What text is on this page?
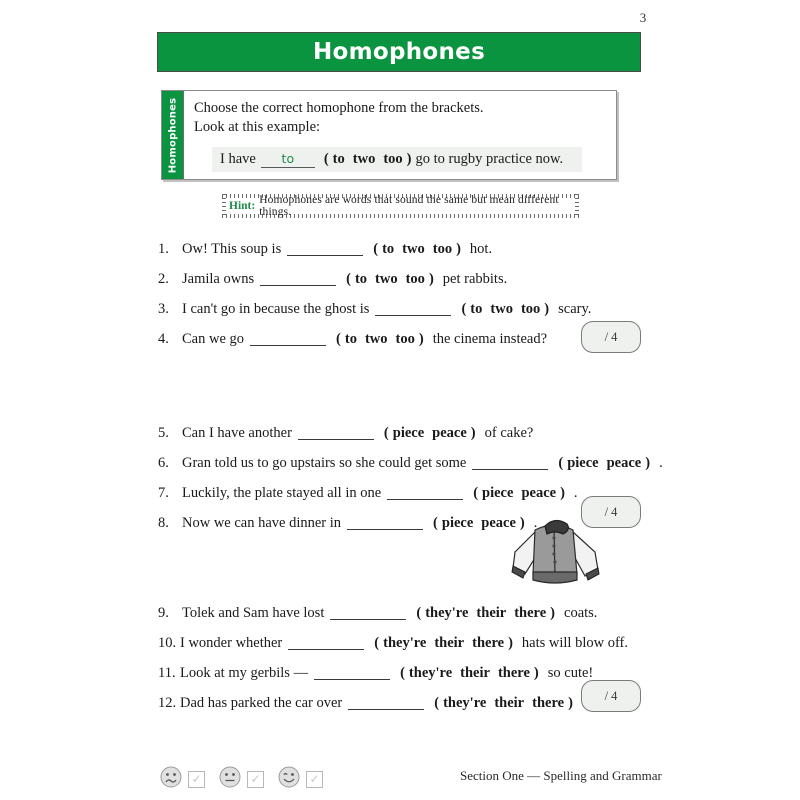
3
Homophones
Homophones Choose the correct homophone from the brackets.
Look at this example:
I have	to	( to two too ) go to rugby practice now.
Hint: Homophones are words that sound the same but mean different things.
1. Ow! This soup is	( to two too ) hot.
2. Jamila owns	( to two too ) pet rabbits.
3. I can't go in because the ghost is	( to two too ) scary.
4. Can we go	( to two too ) the cinema instead?
5. Can I have another	( piece peace ) of cake?
6. Gran told us to go upstairs so she could get some	( piece peace ) .
7. Luckily, the plate stayed all in one	( piece peace ) .
8. Now we can have dinner in	( piece peace ) .
9. Tolek and Sam have lost	( they're their there ) coats.
10. I wonder whether	( they're their there ) hats will blow off.
11. Look at my gerbils —	( they're their there ) so cute!
12. Dad has parked the car over	( they're their there )
/ 4
/ 4
/ 4
✓	✓	✓	Section One — Spelling and Grammar
